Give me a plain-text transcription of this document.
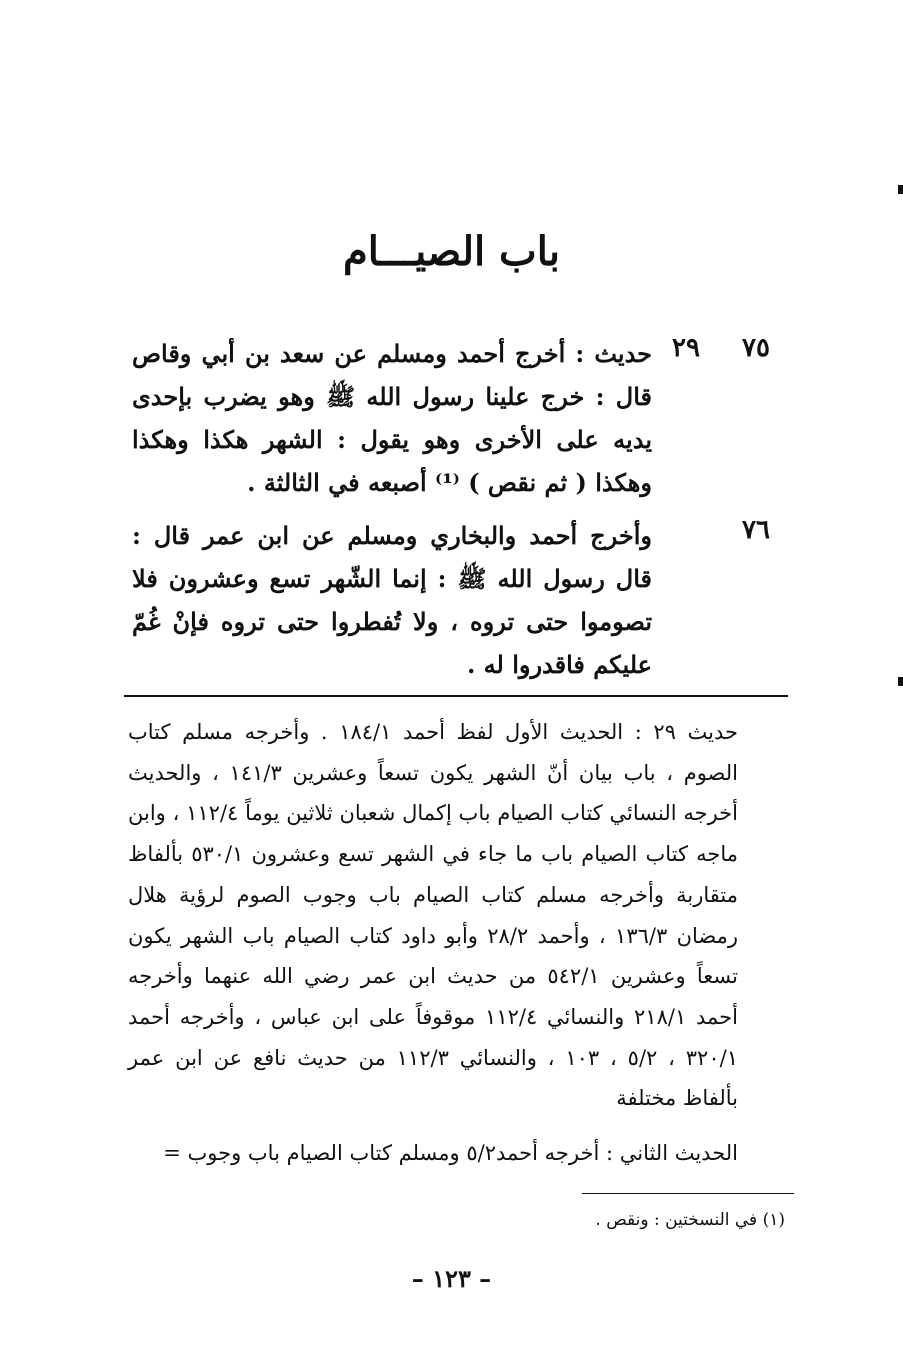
باب الصيـــام
٧٥
٢٩
حديث : أخرج أحمد ومسلم عن سعد بن أبي وقاص قال : خرج علينا رسول الله ﷺ وهو يضرب بإحدى يديه على الأخرى وهو يقول : الشهر هكذا وهكذا وهكذا ( ثم نقص ) ⁽¹⁾ أصبعه في الثالثة .
٧٦
وأخرج أحمد والبخاري ومسلم عن ابن عمر قال : قال رسول الله ﷺ : إنما الشّهر تسع وعشرون فلا تصوموا حتى تروه ، ولا تُفطروا حتى تروه فإنْ غُمّ عليكم فاقدروا له .
حديث ٢٩ : الحديث الأول لفظ أحمد ١٨٤/١ . وأخرجه مسلم كتاب الصوم ، باب بيان أنّ الشهر يكون تسعاً وعشرين ١٤١/٣ ، والحديث أخرجه النسائي كتاب الصيام باب إكمال شعبان ثلاثين يوماً ١١٢/٤ ، وابن ماجه كتاب الصيام باب ما جاء في الشهر تسع وعشرون ٥٣٠/١ بألفاظ متقاربة وأخرجه مسلم كتاب الصيام باب وجوب الصوم لرؤية هلال رمضان ١٣٦/٣ ، وأحمد ٢٨/٢ وأبو داود كتاب الصيام باب الشهر يكون تسعاً وعشرين ٥٤٢/١ من حديث ابن عمر رضي الله عنهما وأخرجه أحمد ٢١٨/١ والنسائي ١١٢/٤ موقوفاً على ابن عباس ، وأخرجه أحمد ٣٢٠/١ ، ٥/٢ ، ١٠٣ ، والنسائي ١١٢/٣ من حديث نافع عن ابن عمر بألفاظ مختلفة
الحديث الثاني : أخرجه أحمد٥/٢ ومسلم كتاب الصيام باب وجوب =
(١) في النسختين : ونقص .
– ١٢٣ –
